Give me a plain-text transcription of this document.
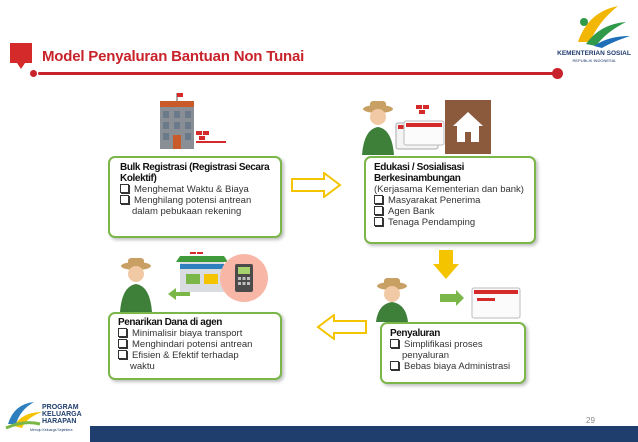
Model Penyaluran Bantuan Non Tunai	KEMENTERIAN SOSIAL
REPUBLIK INDONESIA
Bulk Registrasi (Registrasi Secara Kolektif)
Menghemat Waktu & Biaya
Menghilang potensi antrean
dalam pebukaan rekening
Edukasi / Sosialisasi Berkesinambungan
(Kerjasama Kementerian dan bank)
Masyarakat Penerima
Agen Bank
Tenaga Pendamping
Penyaluran
Simplifikasi proses
penyaluran
Bebas biaya Administrasi
Penarikan Dana di agen
Minimalisir biaya transport
Menghindari potensi antrean
Efisien & Efektif terhadap
waktu
29
PROGRAM
KELUARGA
HARAPAN
Menuju Keluarga Sejahtera
